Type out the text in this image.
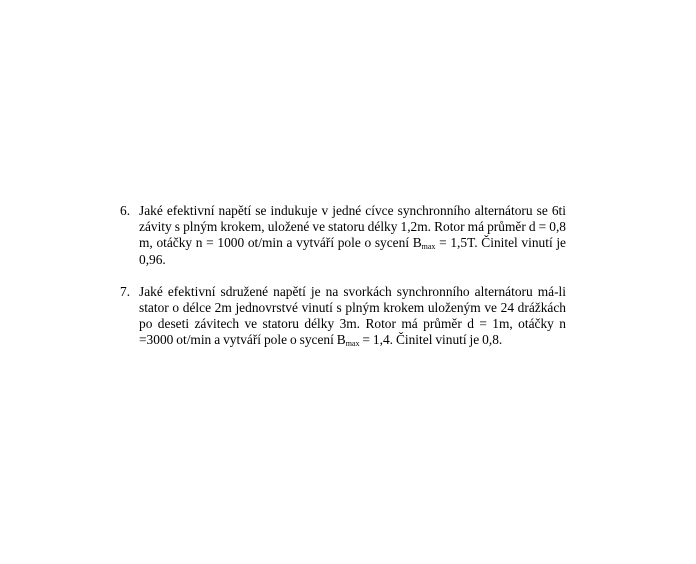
6. Jaké efektivní napětí se indukuje v jedné cívce synchronního alternátoru se 6ti závity s plným krokem, uložené ve statoru délky 1,2m. Rotor má průměr d = 0,8 m, otáčky n = 1000 ot/min a vytváří pole o sycení $B_{max} = 1,5T$. Činitel vinutí je 0,96.

7. Jaké efektivní sdružené napětí je na svorkách synchronního alternátoru má-li stator o délce 2m jednovrstvé vinutí s plným krokem uloženým ve 24 drážkách po deseti závitech ve statoru délky 3m. Rotor má průměr d = 1m, otáčky n =3000 ot/min a vytváří pole o sycení $B_{max} = 1,4$. Činitel vinutí je 0,8.
